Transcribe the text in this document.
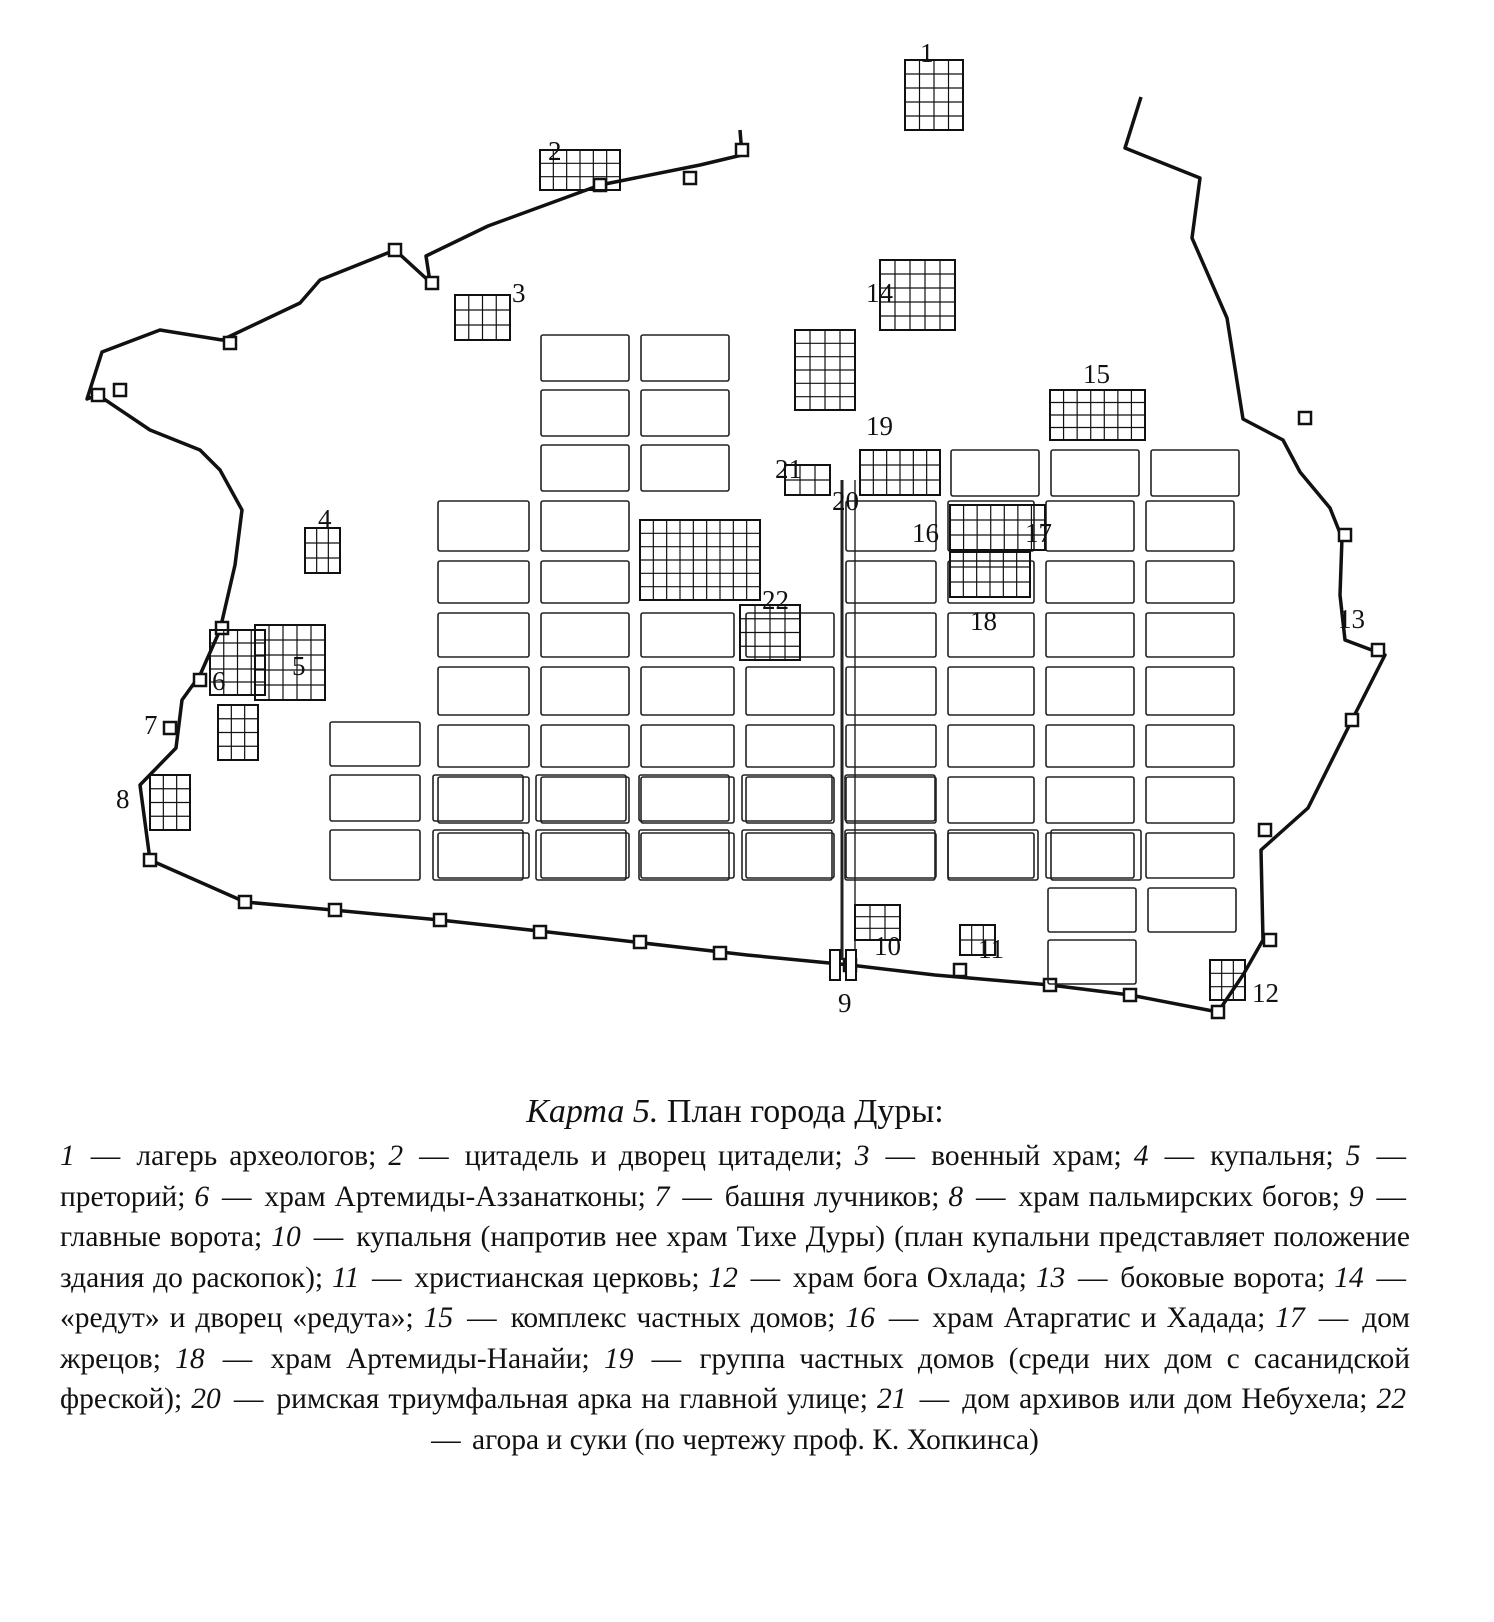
1
2
3
4
5
6
7
8
9
10	11
12
13
14
15
16	17
18
19
20
21
22
Карта 5. План города Дуры:
1 — лагерь археологов; 2 — цитадель и дворец цитадели; 3 — военный храм; 4 — купальня; 5 — преторий; 6 — храм Артемиды-Аззанатконы; 7 — башня лучников; 8 — храм пальмирских богов; 9 — главные ворота; 10 — купальня (напротив нее храм Тихе Дуры) (план купальни представляет положение здания до раскопок); 11 — христианская церковь; 12 — храм бога Охлада; 13 — боковые ворота; 14 — «редут» и дворец «редута»; 15 — комплекс частных домов; 16 — храм Атаргатис и Хадада; 17 — дом жрецов; 18 — храм Артемиды-Нанайи; 19 — группа частных домов (среди них дом с сасанидской фреской); 20 — римская триумфальная арка на главной улице; 21 — дом архивов или дом Небухела; 22 — агора и суки (по чертежу проф. К. Хопкинса)
